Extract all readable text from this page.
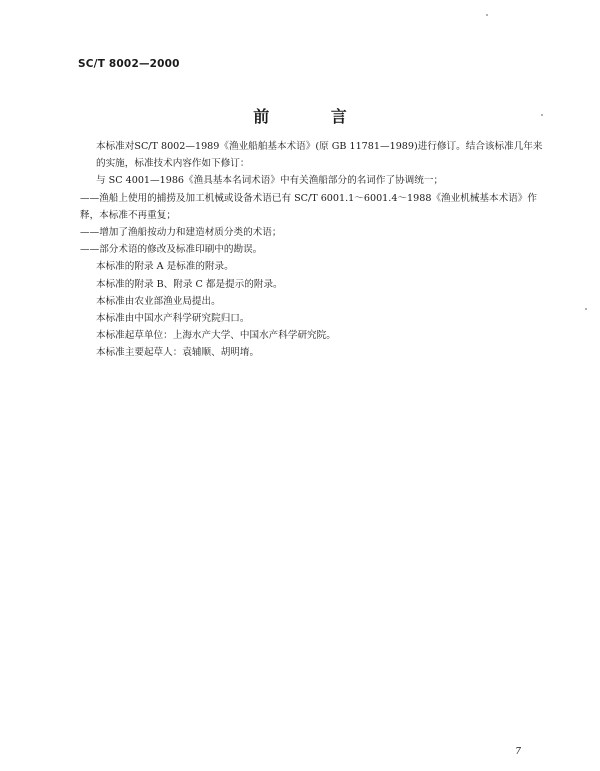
SC/T 8002—2000
前 言
本标准对SC/T 8002—1989《渔业船舶基本术语》(原 GB 11781—1989)进行修订。结合该标准几年来的实施，标准技术内容作如下修订：
与 SC 4001—1986《渔具基本名词术语》中有关渔船部分的名词作了协调统一；
——渔船上使用的捕捞及加工机械或设备术语已有 SC/T 6001.1～6001.4～1988《渔业机械基本术语》作释，本标准不再重复；
——增加了渔船按动力和建造材质分类的术语；
——部分术语的修改及标准印刷中的勘误。
本标准的附录 A 是标准的附录。
本标准的附录 B、附录 C 都是提示的附录。
本标准由农业部渔业局提出。
本标准由中国水产科学研究院归口。
本标准起草单位：上海水产大学、中国水产科学研究院。
本标准主要起草人：袁辅顺、胡明堉。
7
